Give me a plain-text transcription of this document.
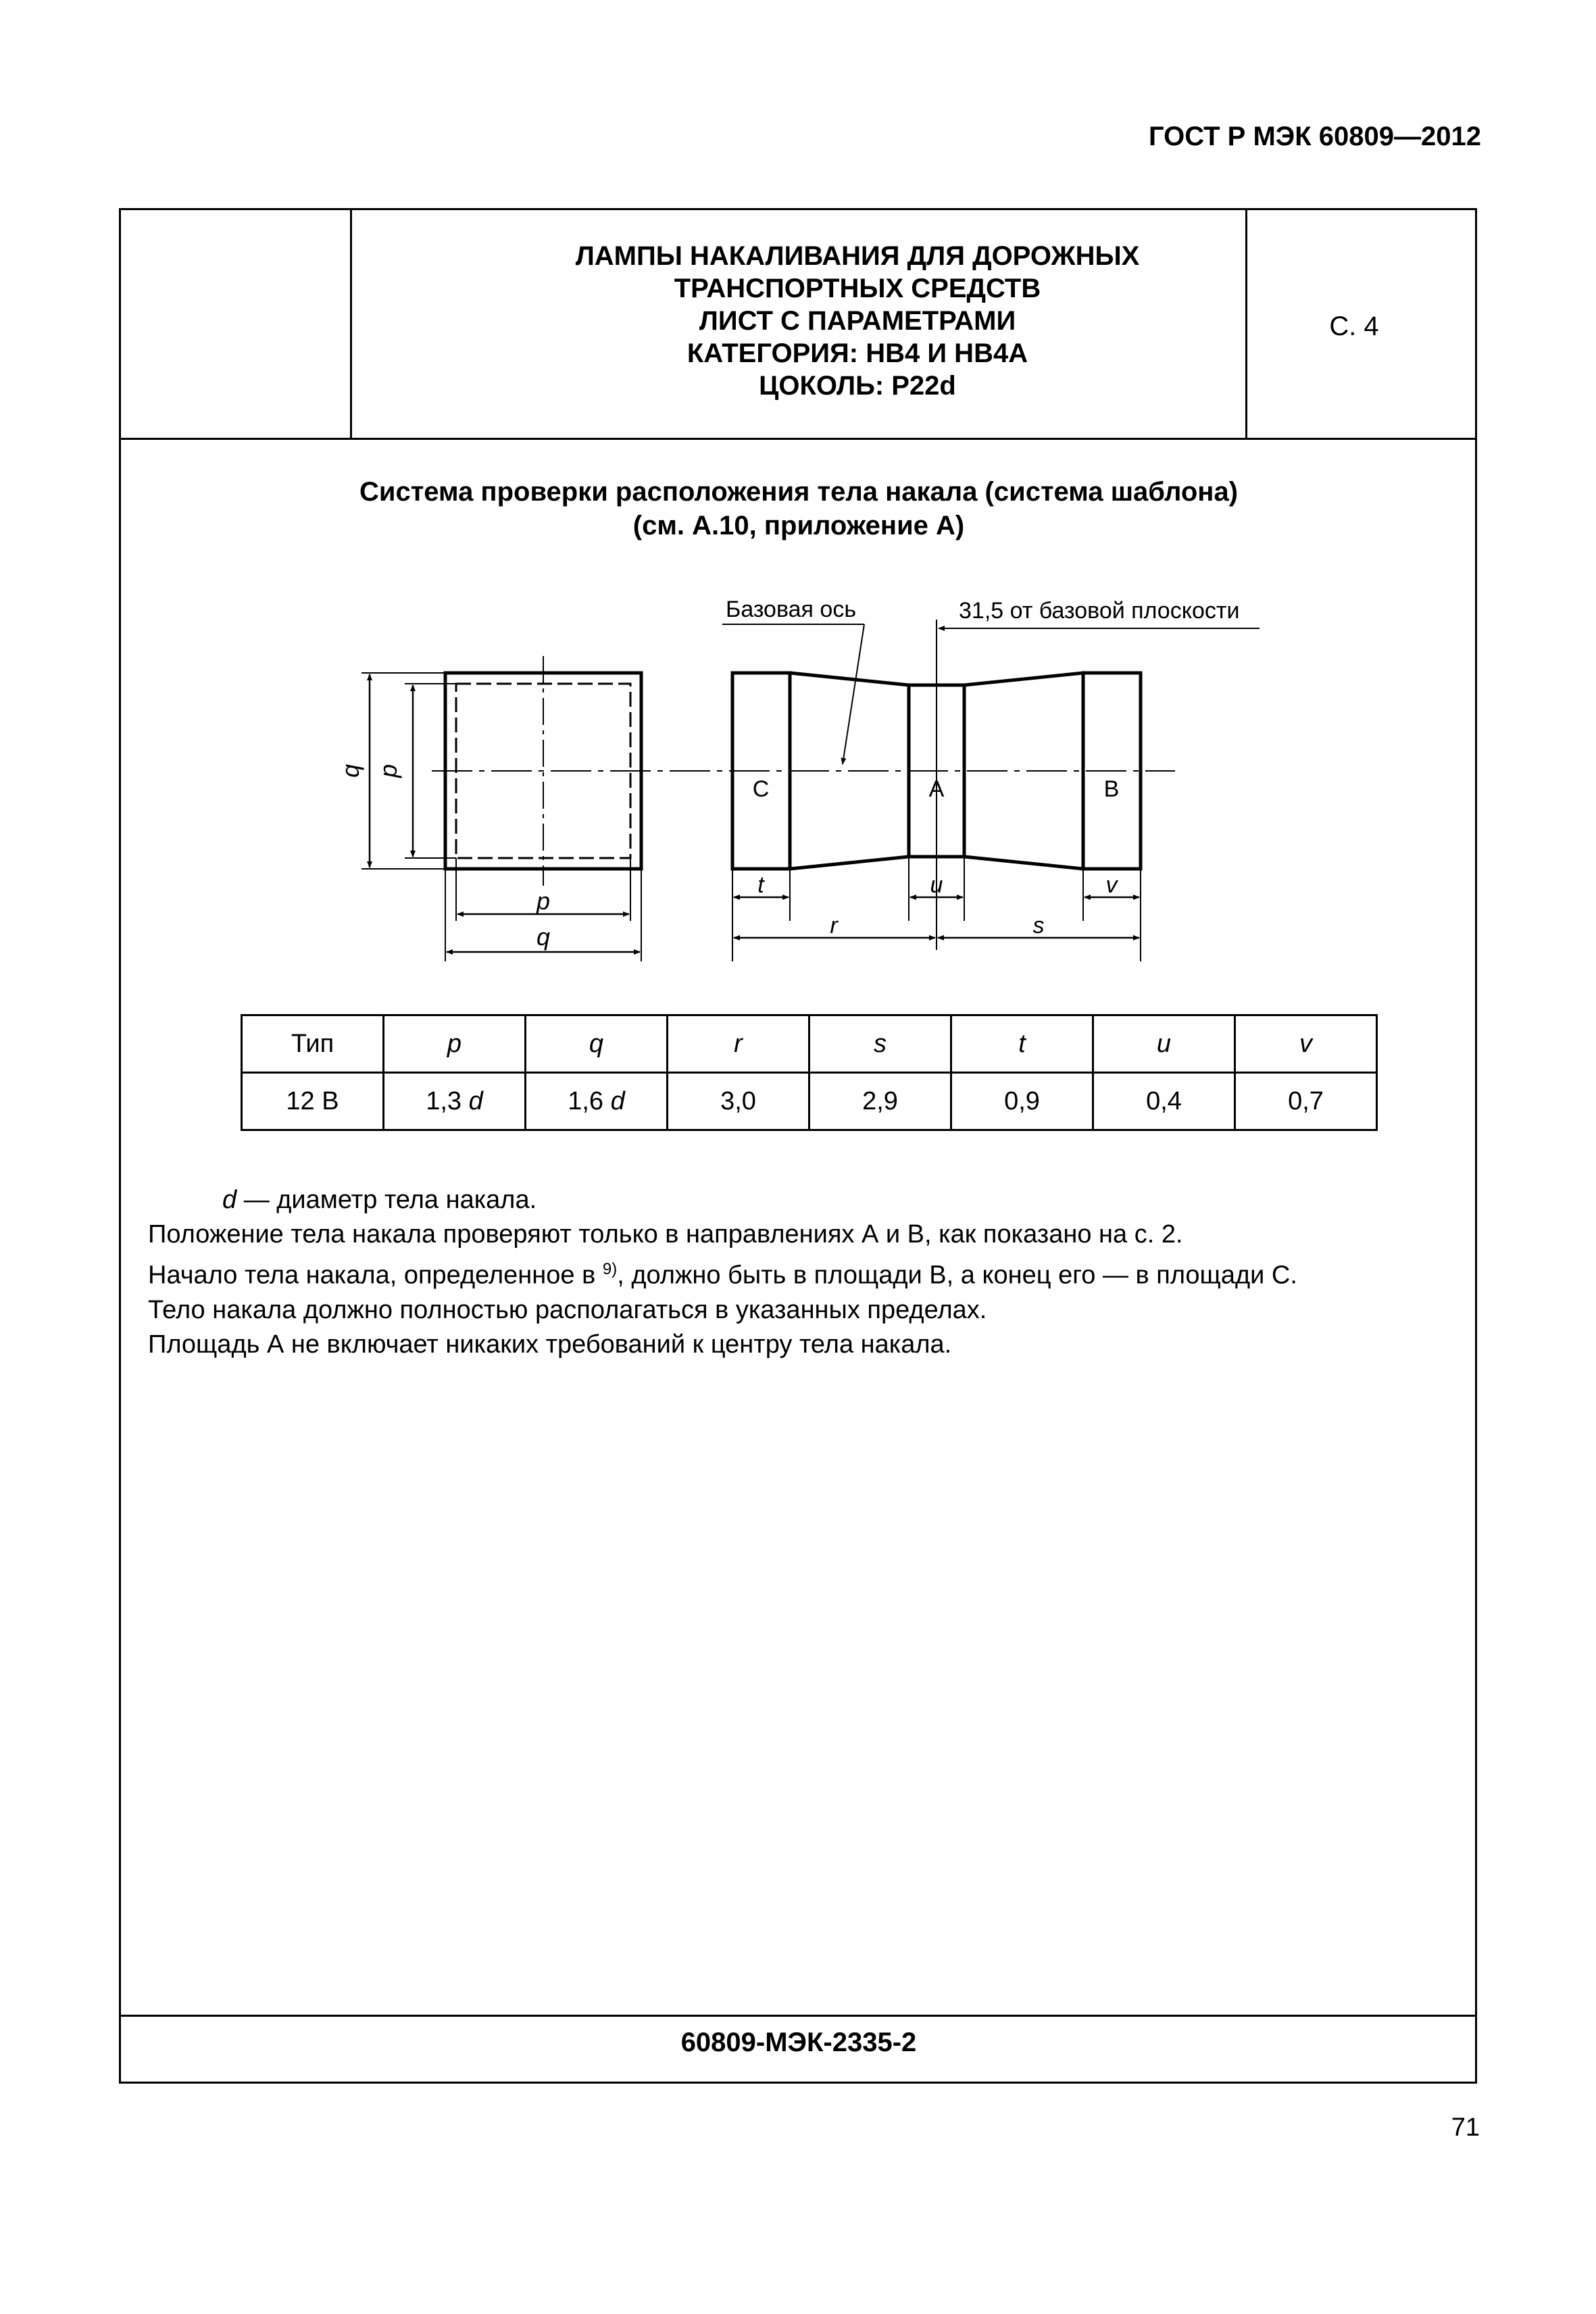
ГОСТ Р МЭК 60809—2012
ЛАМПЫ НАКАЛИВАНИЯ ДЛЯ ДОРОЖНЫХ
ТРАНСПОРТНЫХ СРЕДСТВ
ЛИСТ С ПАРАМЕТРАМИ
КАТЕГОРИЯ: НВ4 И НВ4А
ЦОКОЛЬ: P22d
С. 4
Система проверки расположения тела накала (система шаблона)
(см. А.10, приложение А)
Базовая ось	31,5 от базовой плоскости
q p
p
q
C	A	B
t	u	v
r	s
Тип	p	q	r	s	t	u	v
12 В	1,3 d	1,6 d	3,0	2,9	0,9	0,4	0,7
d — диаметр тела накала.
Положение тела накала проверяют только в направлениях А и В, как показано на с. 2.
Начало тела накала, определенное в $^{9)}$, должно быть в площади В, а конец его — в площади С.
Тело накала должно полностью располагаться в указанных пределах.
Площадь А не включает никаких требований к центру тела накала.
60809-МЭК-2335-2
71
